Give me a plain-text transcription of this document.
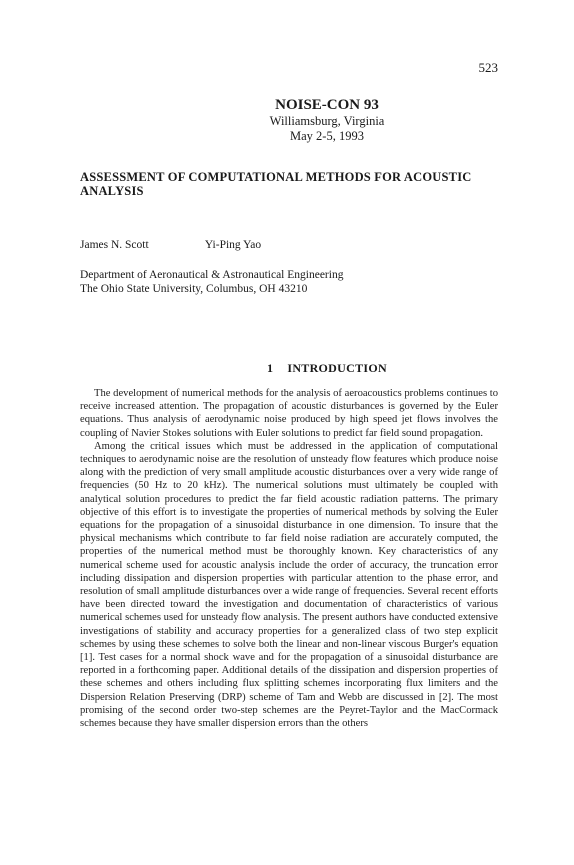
523
NOISE-CON 93
Williamsburg, Virginia
May 2-5, 1993
ASSESSMENT OF COMPUTATIONAL METHODS FOR ACOUSTIC ANALYSIS
James N. Scott	Yi-Ping Yao
Department of Aeronautical & Astronautical Engineering
The Ohio State University, Columbus, OH 43210
1 INTRODUCTION

The development of numerical methods for the analysis of aeroacoustics problems continues to receive increased attention. The propagation of acoustic disturbances is governed by the Euler equations. Thus analysis of aerodynamic noise produced by high speed jet flows involves the coupling of Navier Stokes solutions with Euler solutions to predict far field sound propagation.

Among the critical issues which must be addressed in the application of computational techniques to aerodynamic noise are the resolution of unsteady flow features which produce noise along with the prediction of very small amplitude acoustic disturbances over a very wide range of frequencies (50 Hz to 20 kHz). The numerical solutions must ultimately be coupled with analytical solution procedures to predict the far field acoustic radiation patterns. The primary objective of this effort is to investigate the properties of numerical methods by solving the Euler equations for the propagation of a sinusoidal disturbance in one dimension. To insure that the physical mechanisms which contribute to far field noise radiation are accurately computed, the properties of the numerical method must be thoroughly known. Key characteristics of any numerical scheme used for acoustic analysis include the order of accuracy, the truncation error including dissipation and dispersion properties with particular attention to the phase error, and resolution of small amplitude disturbances over a wide range of frequencies. Several recent efforts have been directed toward the investigation and documentation of characteristics of various numerical schemes used for unsteady flow analysis. The present authors have conducted extensive investigations of stability and accuracy properties for a generalized class of two step explicit schemes by using these schemes to solve both the linear and non-linear viscous Burger's equation [1]. Test cases for a normal shock wave and for the propagation of a sinusoidal disturbance are reported in a forthcoming paper. Additional details of the dissipation and dispersion properties of these schemes and others including flux splitting schemes incorporating flux limiters and the Dispersion Relation Preserving (DRP) scheme of Tam and Webb are discussed in [2]. The most promising of the second order two-step schemes are the Peyret-Taylor and the MacCormack schemes because they have smaller dispersion errors than the others
